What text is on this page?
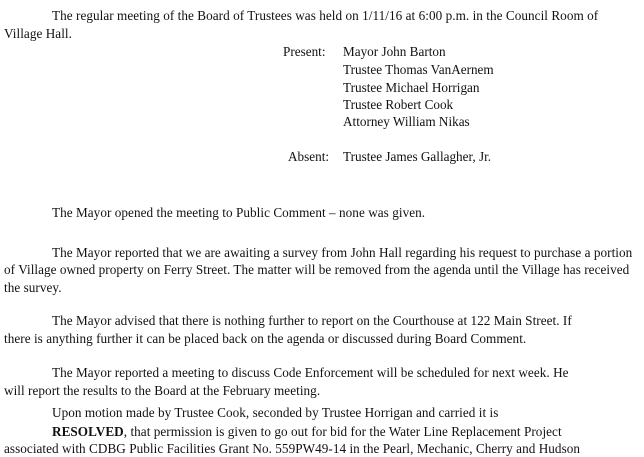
The regular meeting of the Board of Trustees was held on 1/11/16 at 6:00 p.m. in the Council Room of
Village Hall.
Present: Mayor John Barton
Trustee Thomas VanAernem
Trustee Michael Horrigan
Trustee Robert Cook
Attorney William Nikas
Absent: Trustee James Gallagher, Jr.
The Mayor opened the meeting to Public Comment – none was given.
The Mayor reported that we are awaiting a survey from John Hall regarding his request to purchase a portion
of Village owned property on Ferry Street. The matter will be removed from the agenda until the Village has received
the survey.
The Mayor advised that there is nothing further to report on the Courthouse at 122 Main Street. If
there is anything further it can be placed back on the agenda or discussed during Board Comment.
The Mayor reported a meeting to discuss Code Enforcement will be scheduled for next week. He
will report the results to the Board at the February meeting.
Upon motion made by Trustee Cook, seconded by Trustee Horrigan and carried it is
RESOLVED, that permission is given to go out for bid for the Water Line Replacement Project
associated with CDBG Public Facilities Grant No. 559PW49-14 in the Pearl, Mechanic, Cherry and Hudson
